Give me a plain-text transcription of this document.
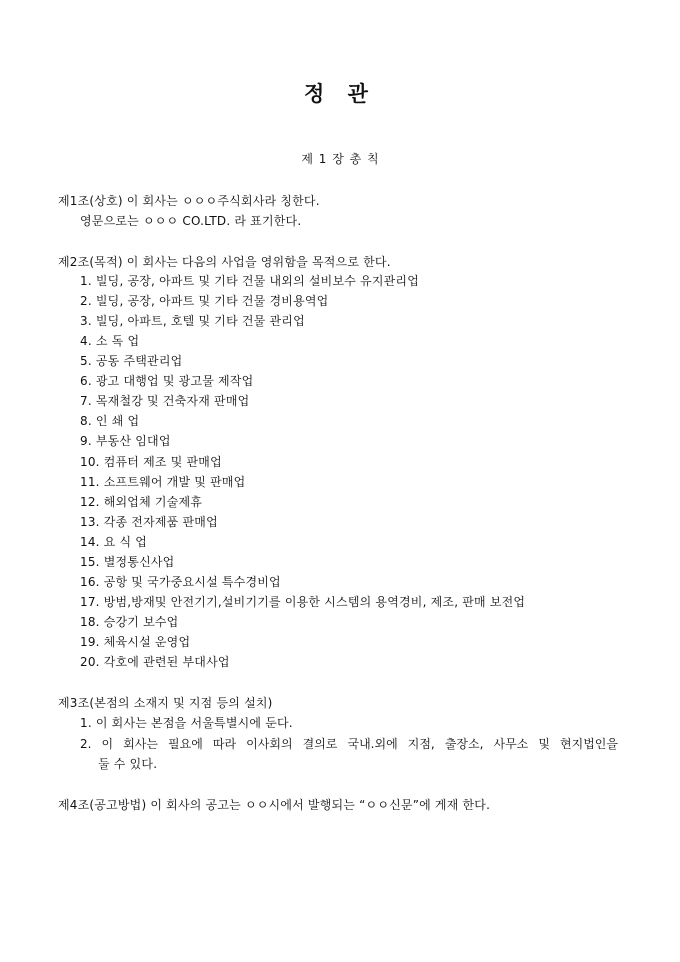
정 관
제 1 장 총 칙
제1조(상호) 이 회사는 ㅇㅇㅇ주식회사라 칭한다.
영문으로는 ㅇㅇㅇ CO.LTD. 라 표기한다.
제2조(목적) 이 회사는 다음의 사업을 영위함을 목적으로 한다.
1. 빌딩, 공장, 아파트 및 기타 건물 내외의 설비보수 유지관리업
2. 빌딩, 공장, 아파트 및 기타 건물 경비용역업
3. 빌딩, 아파트, 호텔 및 기타 건물 관리업
4. 소 독 업
5. 공동 주택관리업
6. 광고 대행업 및 광고물 제작업
7. 목재철강 및 건축자재 판매업
8. 인 쇄 업
9. 부동산 임대업
10. 컴퓨터 제조 및 판매업
11. 소프트웨어 개발 및 판매업
12. 해외업체 기술제휴
13. 각종 전자제품 판매업
14. 요 식 업
15. 별정통신사업
16. 공항 및 국가중요시설 특수경비업
17. 방범,방재및 안전기기,설비기기를 이용한 시스템의 용역경비, 제조, 판매 보전업
18. 승강기 보수업
19. 체육시설 운영업
20. 각호에 관련된 부대사업
제3조(본점의 소재지 및 지점 등의 설치)
1. 이 회사는 본점을 서울특별시에 둔다.
2. 이 회사는 필요에 따라 이사회의 결의로 국내.외에 지점, 출장소, 사무소 및 현지법인을
둘 수 있다.
제4조(공고방법) 이 회사의 공고는 ㅇㅇ시에서 발행되는 “ㅇㅇ신문”에 게재 한다.
